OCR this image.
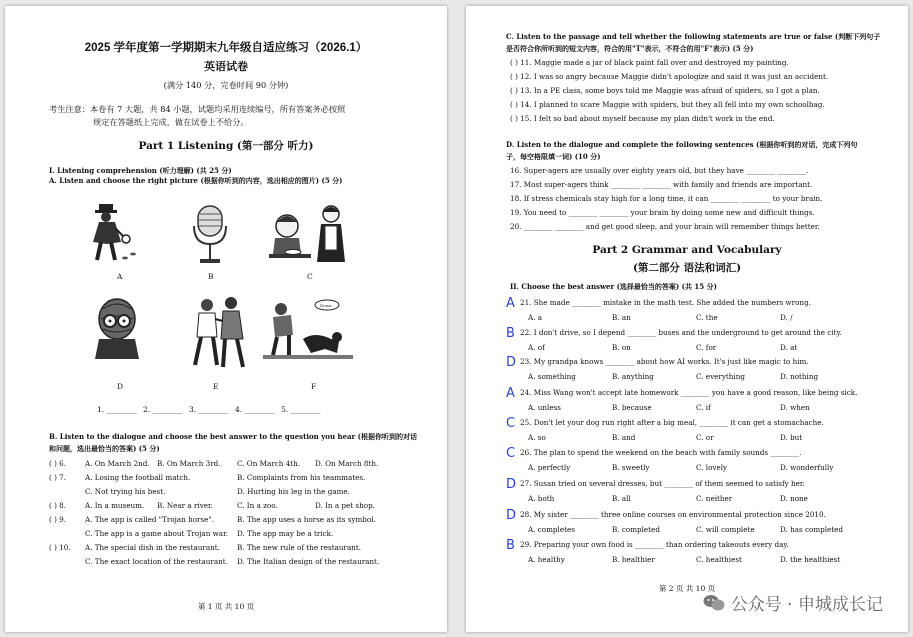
2025 学年度第一学期期末九年级自适应练习（2026.1）
英语试卷
(满分 140 分，完卷时间 90 分钟)
考生注意：本卷有 7 大题，共 84 小题，试题均采用连续编号，所有答案务必按照
规定在答题纸上完成，做在试卷上不给分。
Part 1 Listening (第一部分 听力)
I. Listening comprehension (听力理解) (共 25 分)
A. Listen and choose the right picture (根据你听到的内容，选出相应的图片) (5 分)
A	B	C
D	E
Down
F
1. ________ 2. ________ 3. ________ 4. ________ 5. ________
B. Listen to the dialogue and choose the best answer to the question you hear (根据你听到的对话
和问题，选出最恰当的答案) (5 分)
( ) 6.	A. On March 2nd. B. On March 3rd. C. On March 4th. D. On March 8th.
( ) 7.	A. Losing the football match.	B. Complaints from his teammates.
C. Not trying his best.	D. Hurting his leg in the game.
( ) 8.	A. In a museum. B. Near a river.	C. In a zoo.	D. In a pet shop.
( ) 9.	A. The app is called "Trojan horse".	B. The app uses a horse as its symbol.
C. The app is a game about Trojan war. D. The app may be a trick.
( ) 10. A. The special dish in the restaurant. B. The new rule of the restaurant.
C. The exact location of the restaurant. D. The Italian design of the restaurant.
第 1 页 共 10 页
C. Listen to the passage and tell whether the following statements are true or false (判断下列句子
是否符合你所听到的短文内容，符合的用"T"表示，不符合的用"F"表示) (5 分)
( ) 11. Maggie made a jar of black paint fall over and destroyed my painting.
( ) 12. I was so angry because Maggie didn't apologize and said it was just an accident.
( ) 13. In a PE class, some boys told me Maggie was afraid of spiders, so I got a plan.
( ) 14. I planned to scare Maggie with spiders, but they all fell into my own schoolbag.
( ) 15. I felt so bad about myself because my plan didn't work in the end.
D. Listen to the dialogue and complete the following sentences (根据你听到的对话，完成下列句
子，每空格限填一词) (10 分)
16. Super-agers are usually over eighty years old, but they have ________ ________.
17. Most super-agers think ________ ________ with family and friends are important.
18. If stress chemicals stay high for a long time, it can ________ ________ to your brain.
19. You need to ________ ________ your brain by doing some new and difficult things.
20. ________ ________ and get good sleep, and your brain will remember things better.
Part 2 Grammar and Vocabulary
(第二部分 语法和词汇)
II. Choose the best answer (选择最恰当的答案) (共 15 分)
A 21. She made ________ mistake in the math test. She added the numbers wrong.
A. a	B. an	C. the	D. /
B 22. I don't drive, so I depend ________ buses and the underground to get around the city.
A. of	B. on	C. for	D. at
D 23. My grandpa knows ________ about how AI works. It's just like magic to him.
A. something	B. anything	C. everything	D. nothing
A 24. Miss Wang won't accept late homework ________ you have a good reason, like being sick.
A. unless	B. because	C. if	D. when
C 25. Don't let your dog run right after a big meal, ________ it can get a stomachache.
A. so	B. and	C. or	D. but
C 26. The plan to spend the weekend on the beach with family sounds ________.
A. perfectly	B. sweetly	C. lovely	D. wonderfully
D 27. Susan tried on several dresses, but ________ of them seemed to satisfy her.
A. both	B. all	C. neither	D. none
D 28. My sister ________ three online courses on environmental protection since 2010.
A. completes	B. completed	C. will complete	D. has completed
B 29. Preparing your own food is ________ than ordering takeouts every day.
A. healthy	B. healthier	C. healthiest	D. the healthiest
第 2 页 共 10 页
公众号 · 申城成长记
